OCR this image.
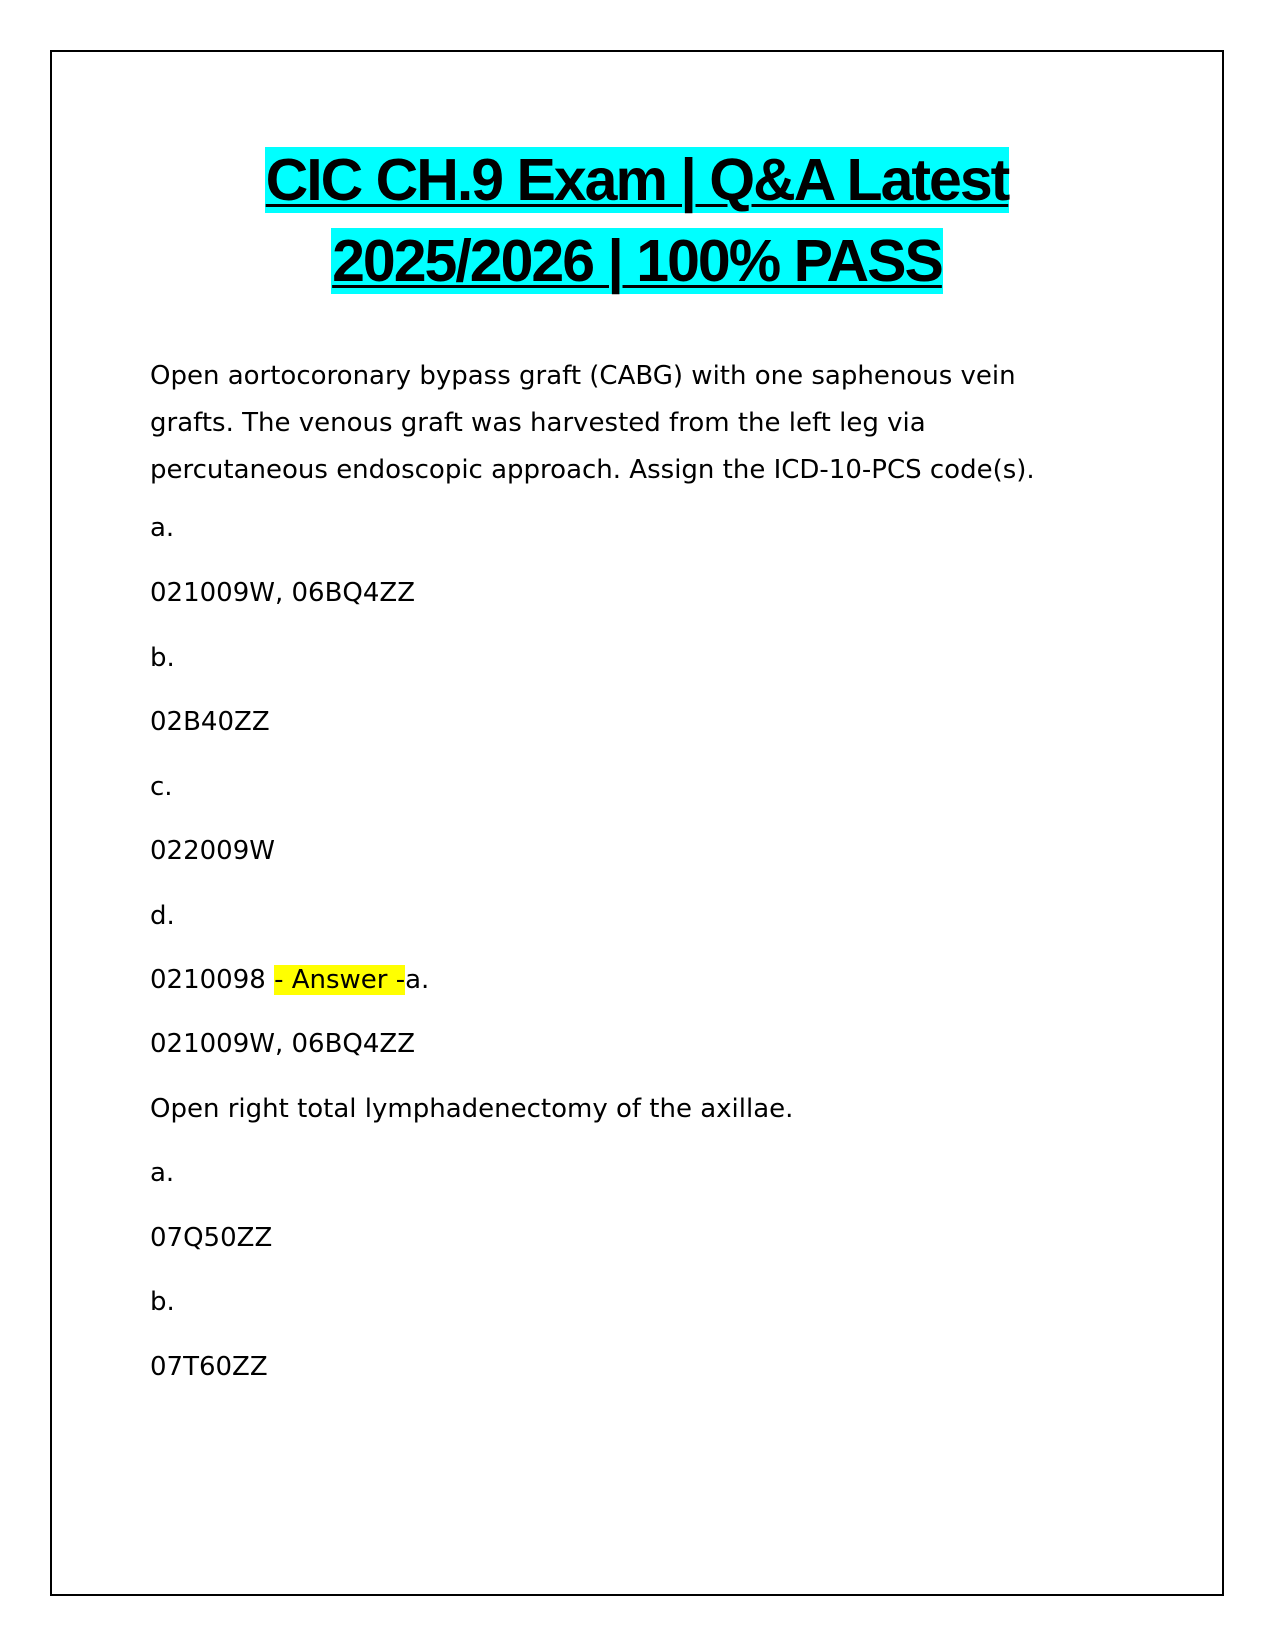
CIC CH.9 Exam | Q&A Latest
2025/2026 | 100% PASS
Open aortocoronary bypass graft (CABG) with one saphenous vein grafts. The venous graft was harvested from the left leg via percutaneous endoscopic approach. Assign the ICD-10-PCS code(s).
a.
021009W, 06BQ4ZZ
b.
02B40ZZ
c.
022009W
d.
0210098 - Answer -a.
021009W, 06BQ4ZZ
Open right total lymphadenectomy of the axillae.
a.
07Q50ZZ
b.
07T60ZZ
